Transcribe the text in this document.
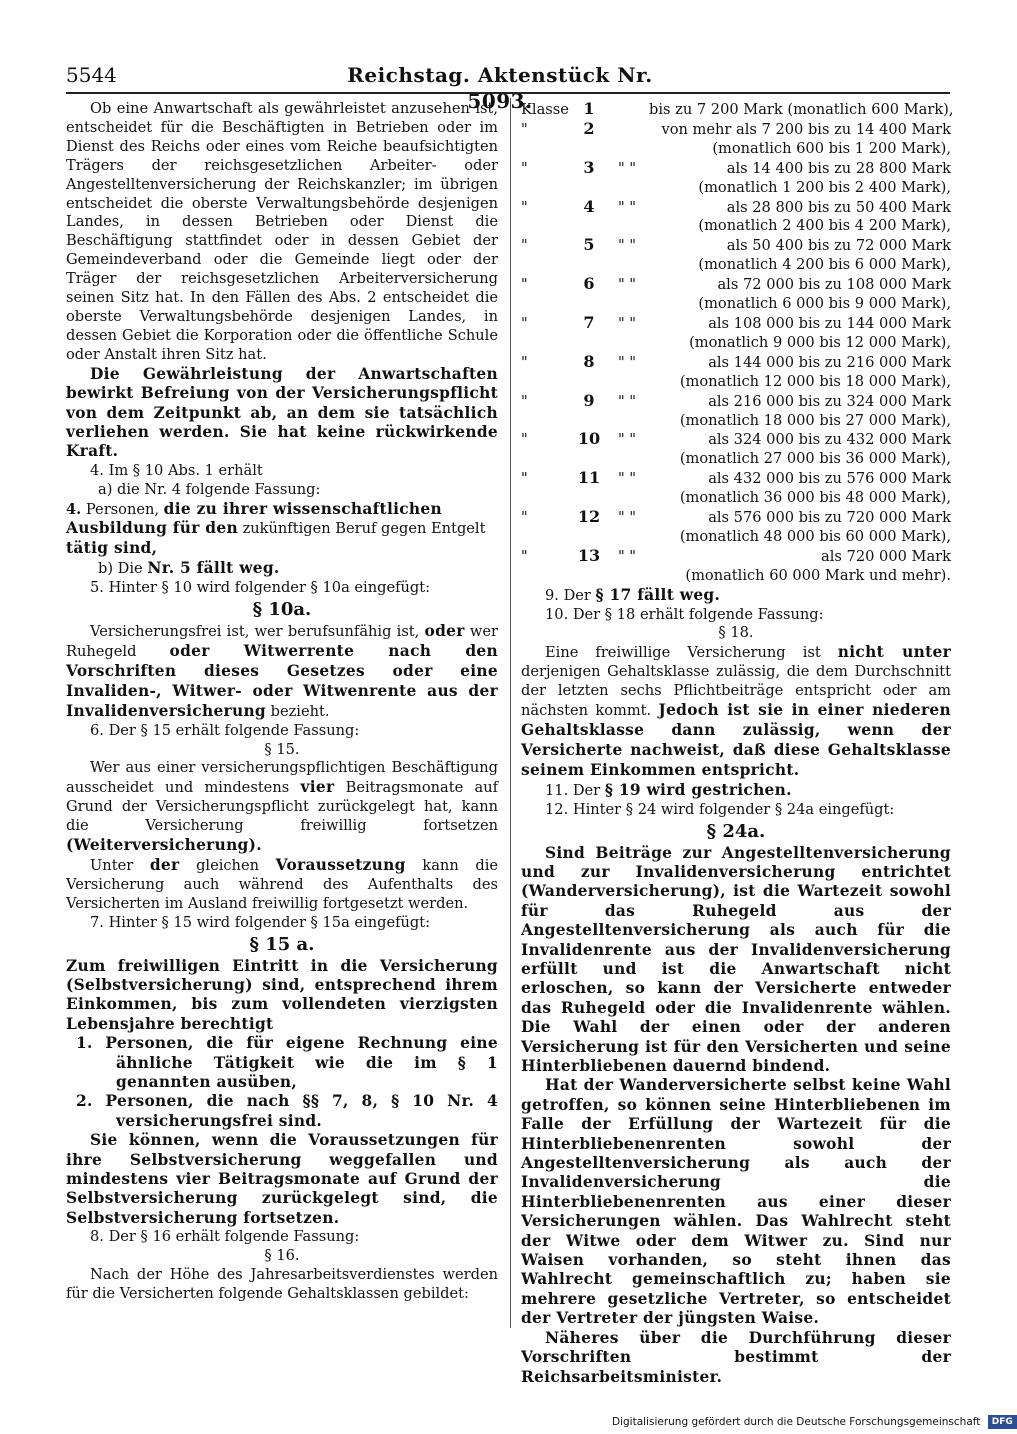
5544	Reichstag. Aktenstück Nr. 5093.

Ob eine Anwartschaft als gewährleistet anzusehen ist, entscheidet für die Beschäftigten in Betrieben oder im Dienst des Reichs oder eines vom Reiche beaufsichtigten Trägers der reichsgesetzlichen Arbeiter- oder Angestelltenversicherung der Reichskanzler; im übrigen entscheidet die oberste Verwaltungsbehörde desjenigen Landes, in dessen Betrieben oder Dienst die Beschäftigung stattfindet oder in dessen Gebiet der Gemeindeverband oder die Gemeinde liegt oder der Träger der reichsgesetzlichen Arbeiterversicherung seinen Sitz hat. In den Fällen des Abs. 2 entscheidet die oberste Verwaltungsbehörde desjenigen Landes, in dessen Gebiet die Korporation oder die öffentliche Schule oder Anstalt ihren Sitz hat.

Die Gewährleistung der Anwartschaften bewirkt Befreiung von der Versicherungspflicht von dem Zeitpunkt ab, an dem sie tatsächlich verliehen werden. Sie hat keine rückwirkende Kraft.

4. Im § 10 Abs. 1 erhält

a) die Nr. 4 folgende Fassung:

4. Personen, die zu ihrer wissenschaftlichen Ausbildung für den zukünftigen Beruf gegen Entgelt tätig sind,

b) Die Nr. 5 fällt weg.

5. Hinter § 10 wird folgender § 10a eingefügt:

§ 10a.

Versicherungsfrei ist, wer berufsunfähig ist, oder wer Ruhegeld oder Witwerrente nach den Vorschriften dieses Gesetzes oder eine Invaliden-, Witwer- oder Witwenrente aus der Invalidenversicherung bezieht.

6. Der § 15 erhält folgende Fassung:

§ 15.

Wer aus einer versicherungspflichtigen Beschäftigung ausscheidet und mindestens vier Beitragsmonate auf Grund der Versicherungspflicht zurückgelegt hat, kann die Versicherung freiwillig fortsetzen (Weiterversicherung).

Unter der gleichen Voraussetzung kann die Versicherung auch während des Aufenthalts des Versicherten im Ausland freiwillig fortgesetzt werden.

7. Hinter § 15 wird folgender § 15a eingefügt:

§ 15 a.

Zum freiwilligen Eintritt in die Versicherung (Selbstversicherung) sind, entsprechend ihrem Einkommen, bis zum vollendeten vierzigsten Lebensjahre berechtigt

1. Personen, die für eigene Rechnung eine ähnliche Tätigkeit wie die im § 1 genannten ausüben,

2. Personen, die nach §§ 7, 8, § 10 Nr. 4 versicherungsfrei sind.

Sie können, wenn die Voraussetzungen für ihre Selbstversicherung weggefallen und mindestens vier Beitragsmonate auf Grund der Selbstversicherung zurückgelegt sind, die Selbstversicherung fortsetzen.

8. Der § 16 erhält folgende Fassung:

§ 16.

Nach der Höhe des Jahresarbeitsverdienstes werden für die Versicherten folgende Gehaltsklassen gebildet:

Klasse 1	bis zu 7 200 Mark (monatlich 600 Mark),
"	2	von mehr als 7 200 bis zu 14 400 Mark
(monatlich 600 bis 1 200 Mark),
"	3	" "	als 14 400 bis zu 28 800 Mark
(monatlich 1 200 bis 2 400 Mark),
"	4	" "	als 28 800 bis zu 50 400 Mark
(monatlich 2 400 bis 4 200 Mark),
"	5	" "	als 50 400 bis zu 72 000 Mark
(monatlich 4 200 bis 6 000 Mark),
"	6	" "	als 72 000 bis zu 108 000 Mark
(monatlich 6 000 bis 9 000 Mark),
"	7	" "	als 108 000 bis zu 144 000 Mark
(monatlich 9 000 bis 12 000 Mark),
"	8	" "	als 144 000 bis zu 216 000 Mark
(monatlich 12 000 bis 18 000 Mark),
"	9	" "	als 216 000 bis zu 324 000 Mark
(monatlich 18 000 bis 27 000 Mark),
"	10	" "	als 324 000 bis zu 432 000 Mark
(monatlich 27 000 bis 36 000 Mark),
"	11	" "	als 432 000 bis zu 576 000 Mark
(monatlich 36 000 bis 48 000 Mark),
"	12	" "	als 576 000 bis zu 720 000 Mark
(monatlich 48 000 bis 60 000 Mark),
"	13	" "	als 720 000 Mark
(monatlich 60 000 Mark und mehr).

9. Der § 17 fällt weg.

10. Der § 18 erhält folgende Fassung:

§ 18.

Eine freiwillige Versicherung ist nicht unter derjenigen Gehaltsklasse zulässig, die dem Durchschnitt der letzten sechs Pflichtbeiträge entspricht oder am nächsten kommt. Jedoch ist sie in einer niederen Gehaltsklasse dann zulässig, wenn der Versicherte nachweist, daß diese Gehaltsklasse seinem Einkommen entspricht.

11. Der § 19 wird gestrichen.

12. Hinter § 24 wird folgender § 24a eingefügt:

§ 24a.

Sind Beiträge zur Angestelltenversicherung und zur Invalidenversicherung entrichtet (Wanderversicherung), ist die Wartezeit sowohl für das Ruhegeld aus der Angestelltenversicherung als auch für die Invalidenrente aus der Invalidenversicherung erfüllt und ist die Anwartschaft nicht erloschen, so kann der Versicherte entweder das Ruhegeld oder die Invalidenrente wählen. Die Wahl der einen oder der anderen Versicherung ist für den Versicherten und seine Hinterbliebenen dauernd bindend.

Hat der Wanderversicherte selbst keine Wahl getroffen, so können seine Hinterbliebenen im Falle der Erfüllung der Wartezeit für die Hinterbliebenenrenten sowohl der Angestelltenversicherung als auch der Invalidenversicherung die Hinterbliebenenrenten aus einer dieser Versicherungen wählen. Das Wahlrecht steht der Witwe oder dem Witwer zu. Sind nur Waisen vorhanden, so steht ihnen das Wahlrecht gemeinschaftlich zu; haben sie mehrere gesetzliche Vertreter, so entscheidet der Vertreter der jüngsten Waise.

Näheres über die Durchführung dieser Vorschriften bestimmt der Reichsarbeitsminister.

Digitalisierung gefördert durch die Deutsche Forschungsgemeinschaft DFG
